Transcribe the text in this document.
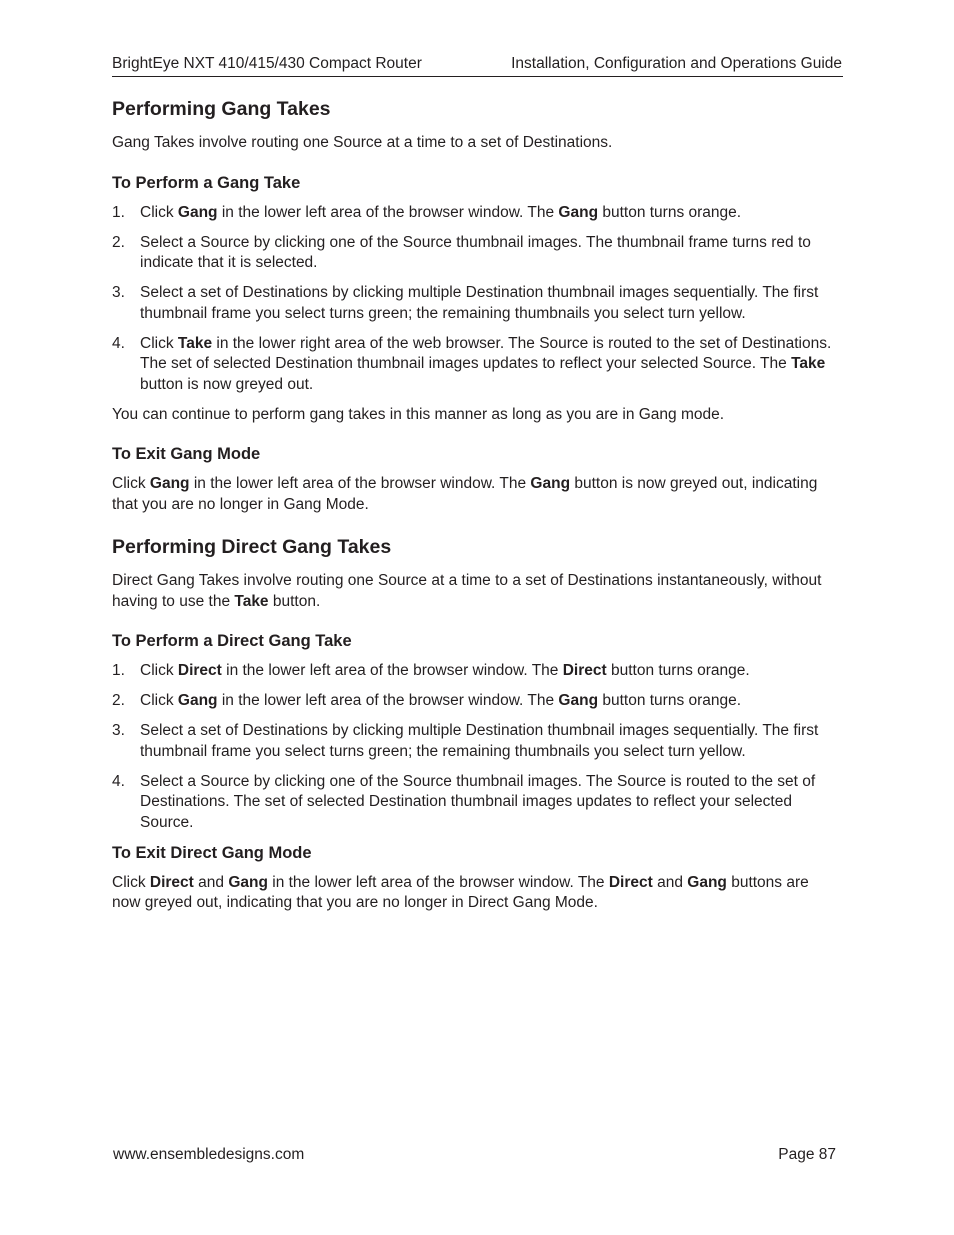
BrightEye NXT 410/415/430 Compact Router	Installation, Configuration and Operations Guide
Performing Gang Takes

Gang Takes involve routing one Source at a time to a set of Destinations.

To Perform a Gang Take
1. Click Gang in the lower left area of the browser window. The Gang button turns orange.
2. Select a Source by clicking one of the Source thumbnail images. The thumbnail frame turns red to indicate that it is selected.
3. Select a set of Destinations by clicking multiple Destination thumbnail images sequentially. The first thumbnail frame you select turns green; the remaining thumbnails you select turn yellow.
4. Click Take in the lower right area of the web browser. The Source is routed to the set of Destinations. The set of selected Destination thumbnail images updates to reflect your selected Source. The Take button is now greyed out.

You can continue to perform gang takes in this manner as long as you are in Gang mode.

To Exit Gang Mode

Click Gang in the lower left area of the browser window. The Gang button is now greyed out, indicating that you are no longer in Gang Mode.

Performing Direct Gang Takes

Direct Gang Takes involve routing one Source at a time to a set of Destinations instantaneously, without having to use the Take button.

To Perform a Direct Gang Take
1. Click Direct in the lower left area of the browser window. The Direct button turns orange.
2. Click Gang in the lower left area of the browser window. The Gang button turns orange.
3. Select a set of Destinations by clicking multiple Destination thumbnail images sequentially. The first thumbnail frame you select turns green; the remaining thumbnails you select turn yellow.
4. Select a Source by clicking one of the Source thumbnail images. The Source is routed to the set of Destinations. The set of selected Destination thumbnail images updates to reflect your selected Source.
To Exit Direct Gang Mode

Click Direct and Gang in the lower left area of the browser window. The Direct and Gang buttons are now greyed out, indicating that you are no longer in Direct Gang Mode.

www.ensembledesigns.com	Page 87
